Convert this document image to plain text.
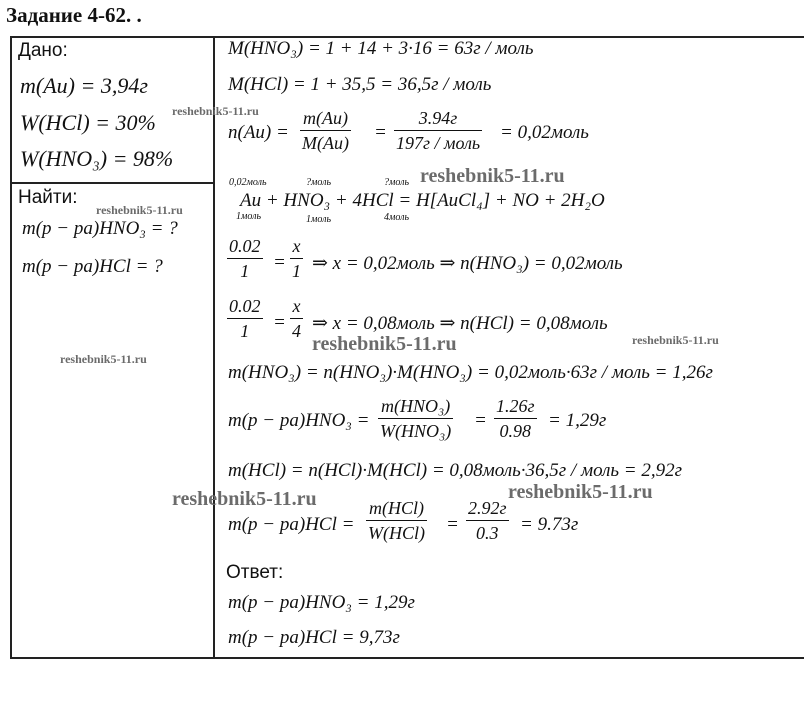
Задание 4-62. .
Дано:
m(Au) = 3,94г
W(HCl) = 30%
W(HNO₃) = 98%
Найти:
m(p − pa)HNO₃ = ?
m(p − pa)HCl = ?
M(HNO₃) = 1 + 14 + 3·16 = 63г / моль
M(HCl) = 1 + 35,5 = 36,5г / моль
$n(Au) = \frac{m(Au)}{M(Au)}$ =
3.94г
197г / моль = 0,02моль
0,02моль	?моль	?моль
Au + HNO₃ + 4HCl = H[AuCl₄] + NO + 2H₂O
1моль	1моль	4моль
$\frac{0.02}{1} = \frac{x}{1}$ ⇒ x = 0,02моль ⇒ n(HNO₃) = 0,02моль
$\frac{0.02}{1} = \frac{x}{4}$ ⇒ x = 0,08моль ⇒ n(HCl) = 0,08моль
m(HNO₃) = n(HNO₃)·M(HNO₃) = 0,02моль·63г / моль = 1,26г
m(p − pa)HNO₃ =
m(HNO₃)
W(HNO₃) =
1.26г
0.98 = 1,29г
m(HCl) = n(HCl)·M(HCl) = 0,08моль·36,5г / моль = 2,92г
m(p − pa)HCl =
m(HCl)
W(HCl) =
2.92г
0.3	= 9.73г
Ответ:
m(p − pa)HNO₃ = 1,29г
m(p − pa)HCl = 9,73г
reshebnik5-11.ru
reshebnik5-11.ru
reshebnik5-11.ru
reshebnik5-11.ru
reshebnik5-11.ru	reshebnik5-11.ru
reshebnik5-11.ru	reshebnik5-11.ru
